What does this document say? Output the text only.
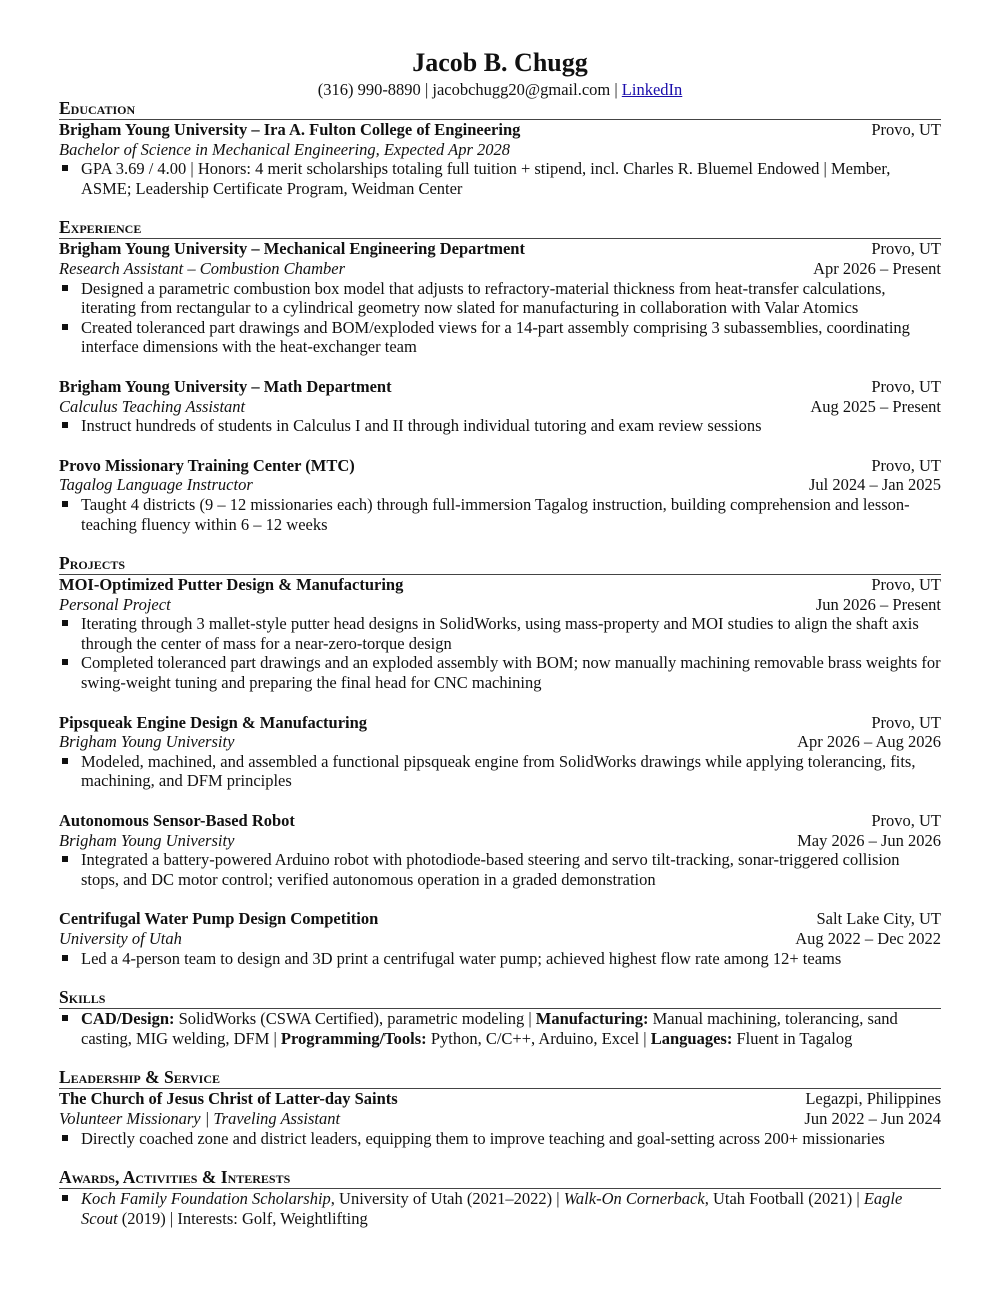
Jacob B. Chugg
(316) 990-8890 | jacobchugg20@gmail.com | LinkedIn
Education
Brigham Young University – Ira A. Fulton College of Engineering	Provo, UT
Bachelor of Science in Mechanical Engineering, Expected Apr 2028
GPA 3.69 / 4.00 | Honors: 4 merit scholarships totaling full tuition + stipend, incl. Charles R. Bluemel Endowed | Member, ASME; Leadership Certificate Program, Weidman Center
Experience
Brigham Young University – Mechanical Engineering Department	Provo, UT
Research Assistant – Combustion Chamber	Apr 2026 – Present
Designed a parametric combustion box model that adjusts to refractory-material thickness from heat-transfer calculations, iterating from rectangular to a cylindrical geometry now slated for manufacturing in collaboration with Valar Atomics
Created toleranced part drawings and BOM/exploded views for a 14-part assembly comprising 3 subassemblies, coordinating interface dimensions with the heat-exchanger team
Brigham Young University – Math Department	Provo, UT
Calculus Teaching Assistant	Aug 2025 – Present
Instruct hundreds of students in Calculus I and II through individual tutoring and exam review sessions
Provo Missionary Training Center (MTC)	Provo, UT
Tagalog Language Instructor	Jul 2024 – Jan 2025
Taught 4 districts (9 – 12 missionaries each) through full-immersion Tagalog instruction, building comprehension and lesson-teaching fluency within 6 – 12 weeks
Projects
MOI-Optimized Putter Design & Manufacturing	Provo, UT
Personal Project	Jun 2026 – Present
Iterating through 3 mallet-style putter head designs in SolidWorks, using mass-property and MOI studies to align the shaft axis through the center of mass for a near-zero-torque design
Completed toleranced part drawings and an exploded assembly with BOM; now manually machining removable brass weights for swing-weight tuning and preparing the final head for CNC machining
Pipsqueak Engine Design & Manufacturing	Provo, UT
Brigham Young University	Apr 2026 – Aug 2026
Modeled, machined, and assembled a functional pipsqueak engine from SolidWorks drawings while applying tolerancing, fits, machining, and DFM principles
Autonomous Sensor-Based Robot	Provo, UT
Brigham Young University	May 2026 – Jun 2026
Integrated a battery-powered Arduino robot with photodiode-based steering and servo tilt-tracking, sonar-triggered collision stops, and DC motor control; verified autonomous operation in a graded demonstration
Centrifugal Water Pump Design Competition	Salt Lake City, UT
University of Utah	Aug 2022 – Dec 2022
Led a 4-person team to design and 3D print a centrifugal water pump; achieved highest flow rate among 12+ teams
Skills
CAD/Design: SolidWorks (CSWA Certified), parametric modeling | Manufacturing: Manual machining, tolerancing, sand casting, MIG welding, DFM | Programming/Tools: Python, C/C++, Arduino, Excel | Languages: Fluent in Tagalog
Leadership & Service
The Church of Jesus Christ of Latter-day Saints	Legazpi, Philippines
Volunteer Missionary | Traveling Assistant	Jun 2022 – Jun 2024
Directly coached zone and district leaders, equipping them to improve teaching and goal-setting across 200+ missionaries
Awards, Activities & Interests
Koch Family Foundation Scholarship, University of Utah (2021–2022) | Walk-On Cornerback, Utah Football (2021) | Eagle Scout (2019) | Interests: Golf, Weightlifting
